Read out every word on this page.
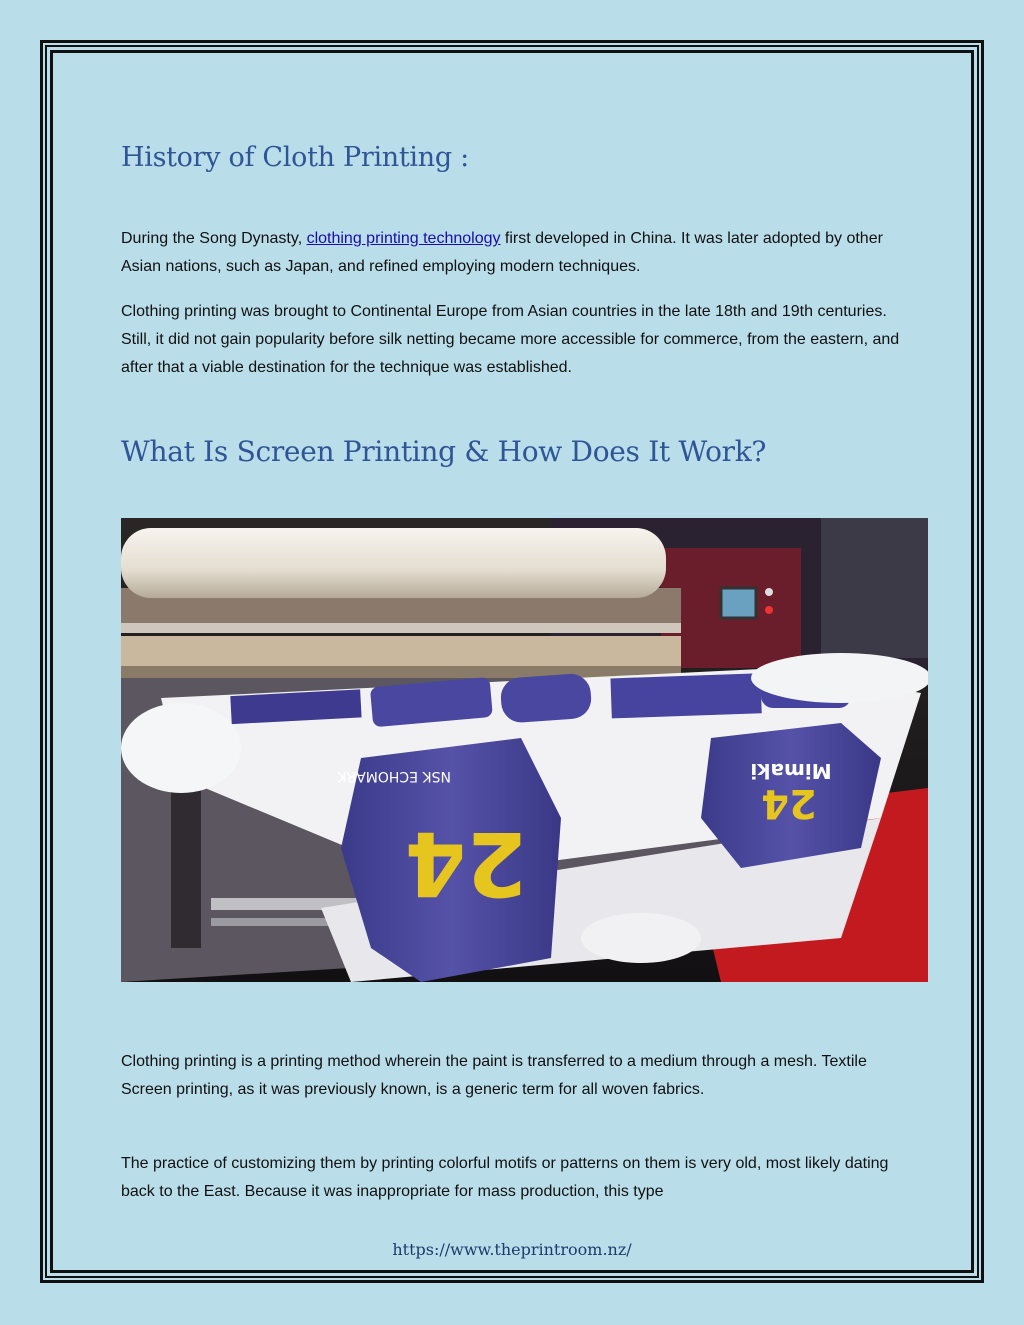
History of Cloth Printing :

During the Song Dynasty, clothing printing technology first developed in China. It was later adopted by other Asian nations, such as Japan, and refined employing modern techniques.

Clothing printing was brought to Continental Europe from Asian countries in the late 18th and 19th centuries. Still, it did not gain popularity before silk netting became more accessible for commerce, from the eastern, and after that a viable destination for the technique was established.

What Is Screen Printing & How Does It Work?
NSK ECHOMARK
24
Mimaki
24

Clothing printing is a printing method wherein the paint is transferred to a medium through a mesh. Textile Screen printing, as it was previously known, is a generic term for all woven fabrics.

The practice of customizing them by printing colorful motifs or patterns on them is very old, most likely dating back to the East. Because it was inappropriate for mass production, this type

https://www.theprintroom.nz/
